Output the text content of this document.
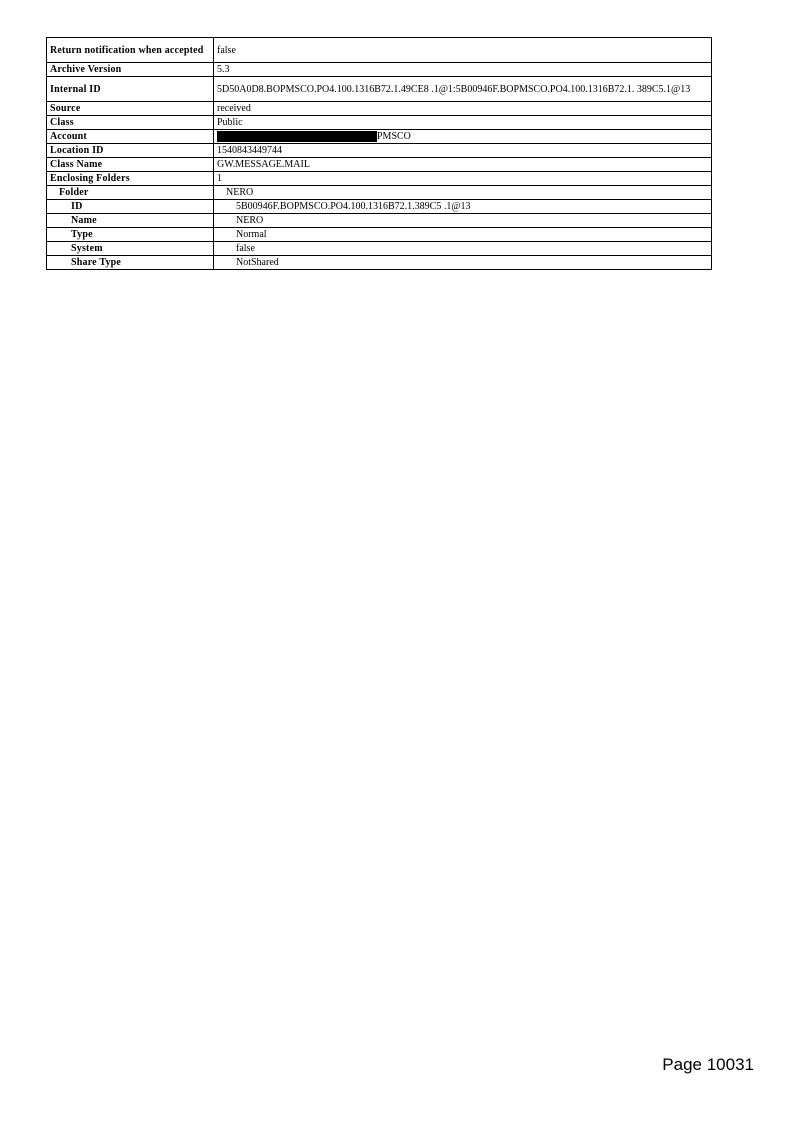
Return notification when accepted	false
Archive Version	5.3
Internal ID	5D50A0D8.BOPMSCO.PO4.100.1316B72.1.49CE8 .1@1:5B00946F.BOPMSCO.PO4.100.1316B72.1. 389C5.1@13
Source	received
Class	Public
Account	PMSCO
Location ID	1540843449744
Class Name	GW.MESSAGE.MAIL
Enclosing Folders	1
Folder	NERO
ID	5B00946F.BOPMSCO.PO4.100.1316B72.1.389C5 .1@13
Name	NERO
Type	Normal
System	false
Share Type	NotShared
Page 10031
